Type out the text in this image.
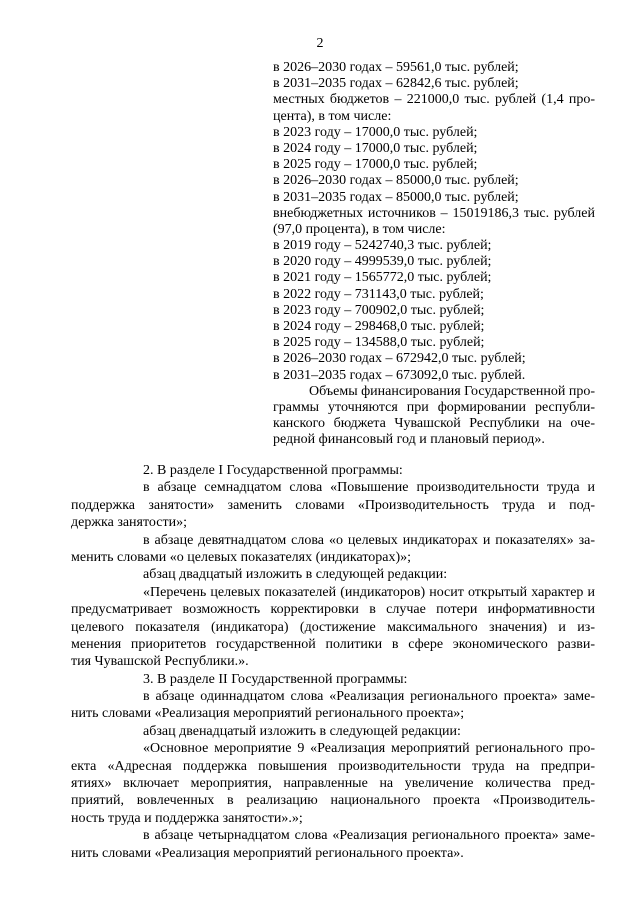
2
в 2026–2030 годах – 59561,0 тыс. рублей;
в 2031–2035 годах – 62842,6 тыс. рублей;
местных бюджетов – 221000,0 тыс. рублей (1,4 про-
цента), в том числе:
в 2023 году – 17000,0 тыс. рублей;
в 2024 году – 17000,0 тыс. рублей;
в 2025 году – 17000,0 тыс. рублей;
в 2026–2030 годах – 85000,0 тыс. рублей;
в 2031–2035 годах – 85000,0 тыс. рублей;
внебюджетных источников – 15019186,3 тыс. рублей
(97,0 процента), в том числе:
в 2019 году – 5242740,3 тыс. рублей;
в 2020 году – 4999539,0 тыс. рублей;
в 2021 году – 1565772,0 тыс. рублей;
в 2022 году – 731143,0 тыс. рублей;
в 2023 году – 700902,0 тыс. рублей;
в 2024 году – 298468,0 тыс. рублей;
в 2025 году – 134588,0 тыс. рублей;
в 2026–2030 годах – 672942,0 тыс. рублей;
в 2031–2035 годах – 673092,0 тыс. рублей.
Объемы финансирования Государственной про-
граммы уточняются при формировании республи-
канского бюджета Чувашской Республики на оче-
редной финансовый год и плановый период».
2. В разделе I Государственной программы:
в абзаце семнадцатом слова «Повышение производительности труда и
поддержка занятости» заменить словами «Производительность труда и под-
держка занятости»;
в абзаце девятнадцатом слова «о целевых индикаторах и показателях» за-
менить словами «о целевых показателях (индикаторах)»;
абзац двадцатый изложить в следующей редакции:
«Перечень целевых показателей (индикаторов) носит открытый характер и
предусматривает возможность корректировки в случае потери информативности
целевого показателя (индикатора) (достижение максимального значения) и из-
менения приоритетов государственной политики в сфере экономического разви-
тия Чувашской Республики.».
3. В разделе II Государственной программы:
в абзаце одиннадцатом слова «Реализация регионального проекта» заме-
нить словами «Реализация мероприятий регионального проекта»;
абзац двенадцатый изложить в следующей редакции:
«Основное мероприятие 9 «Реализация мероприятий регионального про-
екта «Адресная поддержка повышения производительности труда на предпри-
ятиях» включает мероприятия, направленные на увеличение количества пред-
приятий, вовлеченных в реализацию национального проекта «Производитель-
ность труда и поддержка занятости».»;
в абзаце четырнадцатом слова «Реализация регионального проекта» заме-
нить словами «Реализация мероприятий регионального проекта».
